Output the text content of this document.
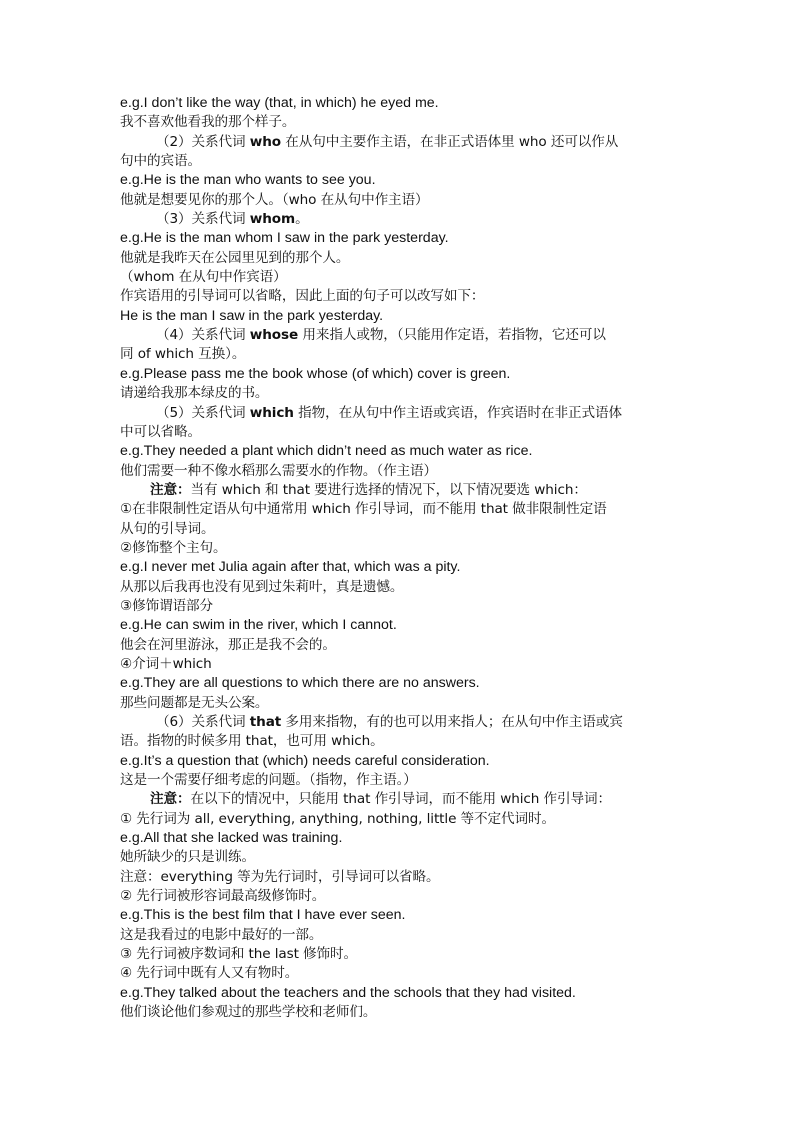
e.g.I don’t like the way (that, in which) he eyed me.
我不喜欢他看我的那个样子。
（2）关系代词 who 在从句中主要作主语，在非正式语体里 who 还可以作从
句中的宾语。
e.g.He is the man who wants to see you.
他就是想要见你的那个人。（who 在从句中作主语）
（3）关系代词 whom。
e.g.He is the man whom I saw in the park yesterday.
他就是我昨天在公园里见到的那个人。
（whom 在从句中作宾语）
作宾语用的引导词可以省略，因此上面的句子可以改写如下：
He is the man I saw in the park yesterday.
（4）关系代词 whose 用来指人或物，（只能用作定语，若指物，它还可以
同 of which 互换）。
e.g.Please pass me the book whose (of which) cover is green.
请递给我那本绿皮的书。
（5）关系代词 which 指物，在从句中作主语或宾语，作宾语时在非正式语体
中可以省略。
e.g.They needed a plant which didn’t need as much water as rice.
他们需要一种不像水稻那么需要水的作物。（作主语）
注意：当有 which 和 that 要进行选择的情况下，以下情况要选 which：
①在非限制性定语从句中通常用 which 作引导词，而不能用 that 做非限制性定语
从句的引导词。
②修饰整个主句。
e.g.I never met Julia again after that, which was a pity.
从那以后我再也没有见到过朱莉叶，真是遗憾。
③修饰谓语部分
e.g.He can swim in the river, which I cannot.
他会在河里游泳，那正是我不会的。
④介词＋which
e.g.They are all questions to which there are no answers.
那些问题都是无头公案。
（6）关系代词 that 多用来指物，有的也可以用来指人；在从句中作主语或宾
语。指物的时候多用 that，也可用 which。
e.g.It’s a question that (which) needs careful consideration.
这是一个需要仔细考虑的问题。（指物，作主语。）
注意：在以下的情况中，只能用 that 作引导词，而不能用 which 作引导词：
① 先行词为 all, everything, anything, nothing, little 等不定代词时。
e.g.All that she lacked was training.
她所缺少的只是训练。
注意：everything 等为先行词时，引导词可以省略。
② 先行词被形容词最高级修饰时。
e.g.This is the best film that I have ever seen.
这是我看过的电影中最好的一部。
③ 先行词被序数词和 the last 修饰时。
④ 先行词中既有人又有物时。
e.g.They talked about the teachers and the schools that they had visited.
他们谈论他们参观过的那些学校和老师们。
